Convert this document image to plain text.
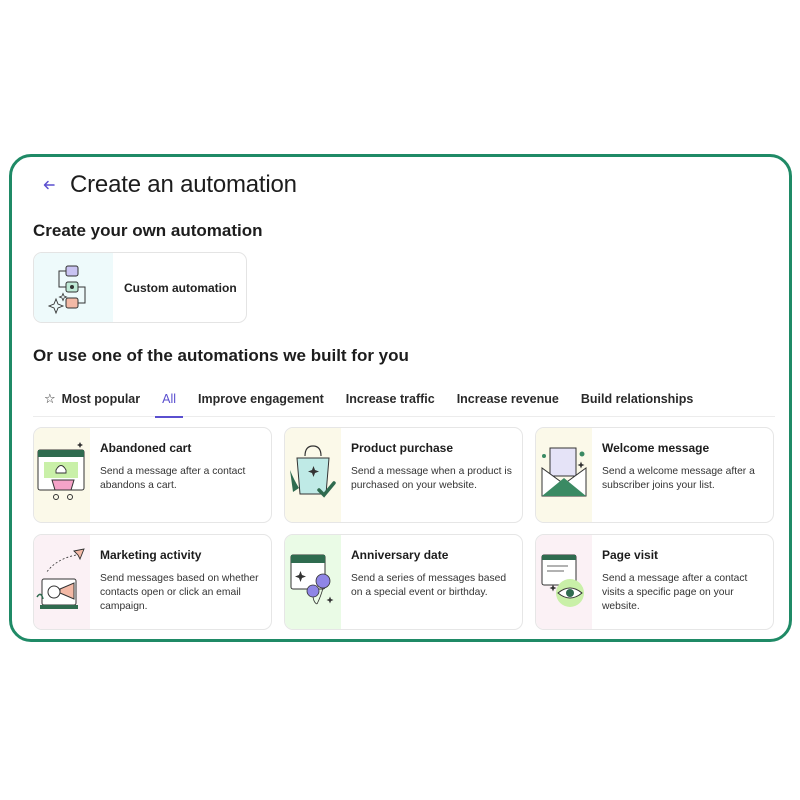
Create an automation
Create your own automation
Custom automation
Or use one of the automations we built for you
☆ Most popular All Improve engagement Increase traffic Increase revenue Build relationships
Abandoned cart
Send a message after a contact abandons a cart.
Product purchase
Send a message when a product is purchased on your website.
Welcome message
Send a welcome message after a subscriber joins your list.
Marketing activity
Send messages based on whether contacts open or click an email campaign.
Anniversary date
Send a series of messages based on a special event or birthday.
Page visit
Send a message after a contact visits a specific page on your website.
